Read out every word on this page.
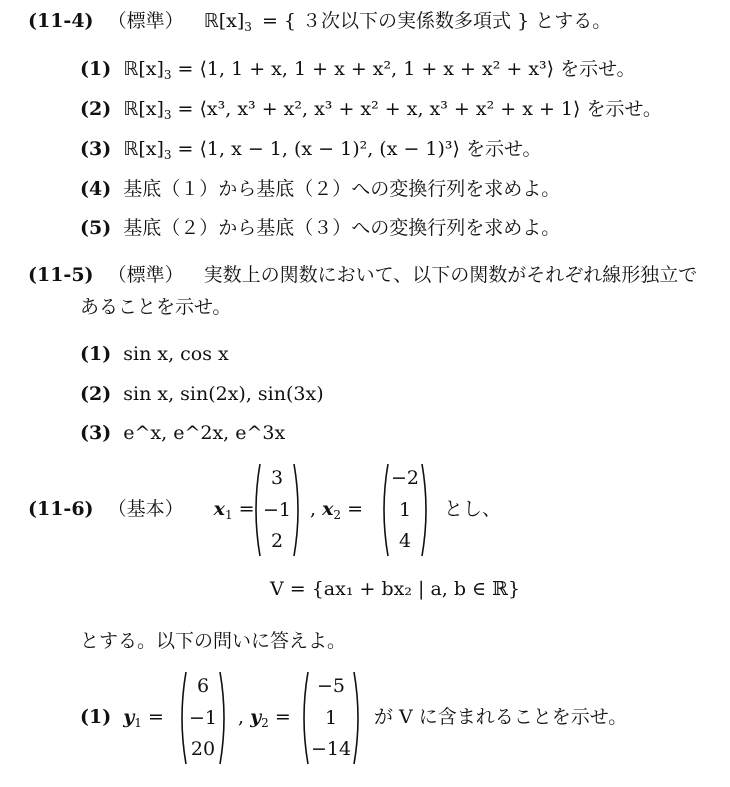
(11-4) （標準） $ℝ[x]_3$ = { ３次以下の実係数多項式 } とする。
(1) $ℝ[x]_3$ = ⟨1, 1 + x, 1 + x + x², 1 + x + x² + x³⟩ を示せ。
(2) $ℝ[x]_3$ = ⟨x³, x³ + x², x³ + x² + x, x³ + x² + x + 1⟩ を示せ。
(3) $ℝ[x]_3$ = ⟨1, x − 1, (x − 1)², (x − 1)³⟩ を示せ。
(4) 基底（１）から基底（２）への変換行列を求めよ。
(5) 基底（２）から基底（３）への変換行列を求めよ。
(11-5) （標準） 実数上の関数において、以下の関数がそれぞれ線形独立で
あることを示せ。
(1) sin x, cos x
(2) sin x, sin(2x), sin(3x)
(3) e^x, e^2x, e^3x
(11-6) （基本） $x_1$ =
3
−1
2
, $x_2$ =
−2
1
4
とし、
V = {ax₁ + bx₂ | a, b ∈ ℝ}
とする。以下の問いに答えよ。
(1) $y_1$ =
6
−1
20
, $y_2$ =
−5
1
−14
が V に含まれることを示せ。
